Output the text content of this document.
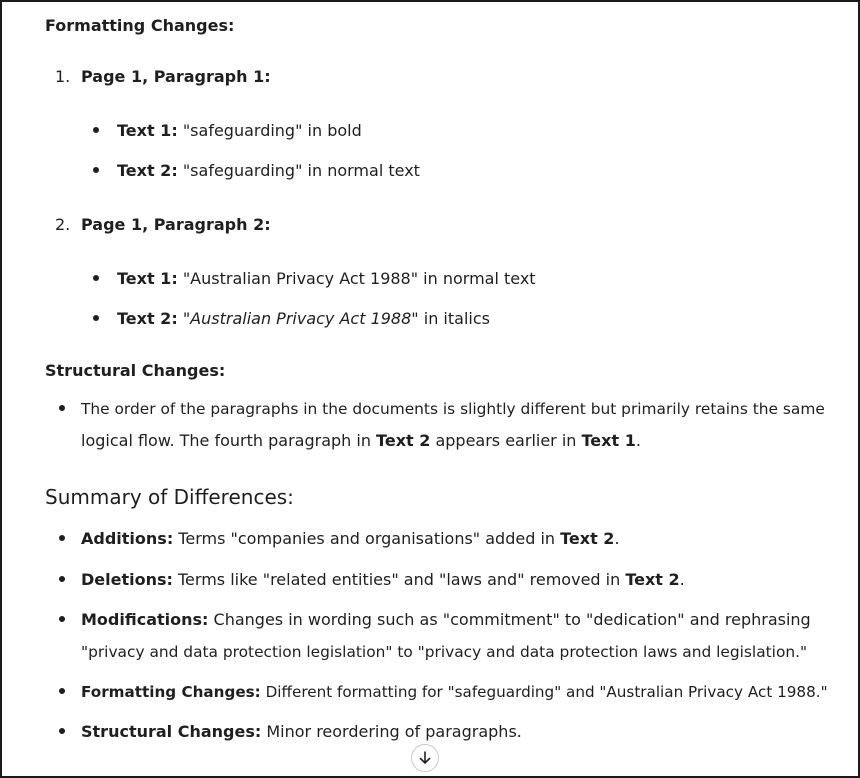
Formatting Changes:
1. Page 1, Paragraph 1:
Text 1: "safeguarding" in bold
Text 2: "safeguarding" in normal text
2. Page 1, Paragraph 2:
Text 1: "Australian Privacy Act 1988" in normal text
Text 2: "Australian Privacy Act 1988" in italics
Structural Changes:
The order of the paragraphs in the documents is slightly different but primarily retains the same
logical flow. The fourth paragraph in Text 2 appears earlier in Text 1.
Summary of Differences:
Additions: Terms "companies and organisations" added in Text 2.
Deletions: Terms like "related entities" and "laws and" removed in Text 2.
Modifications: Changes in wording such as "commitment" to "dedication" and rephrasing
"privacy and data protection legislation" to "privacy and data protection laws and legislation."
Formatting Changes: Different formatting for "safeguarding" and "Australian Privacy Act 1988."
Structural Changes: Minor reordering of paragraphs.
